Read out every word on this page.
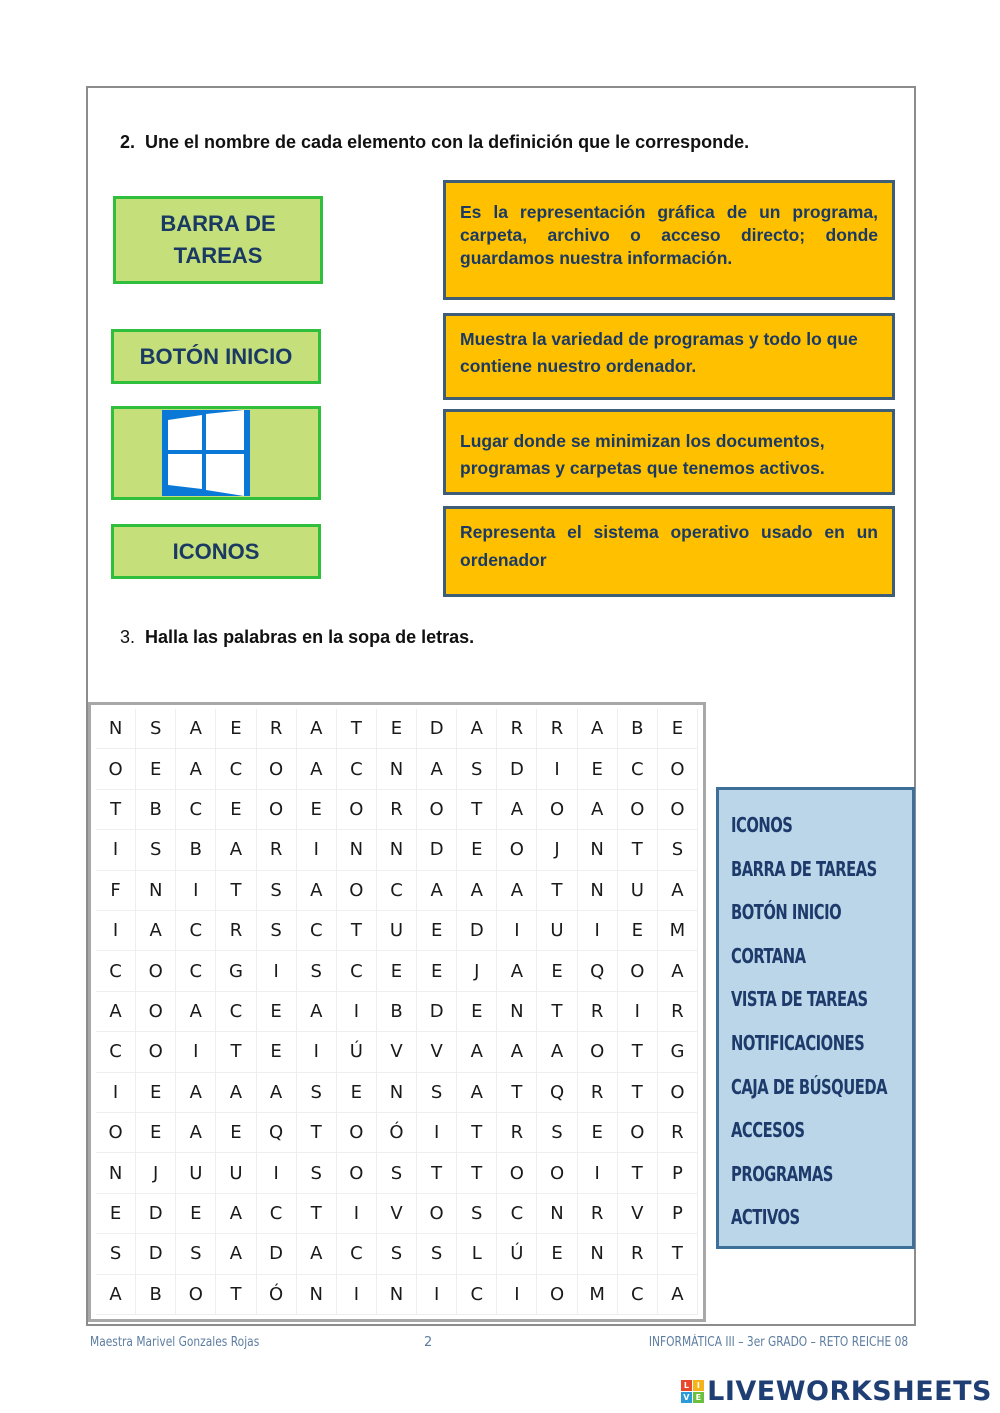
2. Une el nombre de cada elemento con la definición que le corresponde.
BARRA DE
TAREAS
BOTÓN INICIO
ICONOS
Es la representación gráfica de un programa, carpeta, archivo o acceso directo; donde guardamos nuestra información.
Muestra la variedad de programas y todo lo que contiene nuestro ordenador.
Lugar donde se minimizan los documentos, programas y carpetas que tenemos activos.
Representa el sistema operativo usado en un ordenador
3. Halla las palabras en la sopa de letras.
N	S	A	E	R	A	T	E	D	A	R	R	A	B	E
O	E	A	C	O	A	C	N	A	S	D	I	E	C	O
T	B	C	E	O	E	O	R	O	T	A	O	A	O	O
I	S	B	A	R	I	N	N	D	E	O	J	N	T	S
F	N	I	T	S	A	O	C	A	A	A	T	N	U	A
I	A	C	R	S	C	T	U	E	D	I	U	I	E	M
C	O	C	G	I	S	C	E	E	J	A	E	Q	O	A
A	O	A	C	E	A	I	B	D	E	N	T	R	I	R
C	O	I	T	E	I	Ú	V	V	A	A	A	O	T	G
I	E	A	A	A	S	E	N	S	A	T	Q	R	T	O
O	E	A	E	Q	T	O	Ó	I	T	R	S	E	O	R
N	J	U	U	I	S	O	S	T	T	O	O	I	T	P
E	D	E	A	C	T	I	V	O	S	C	N	R	V	P
S	D	S	A	D	A	C	S	S	L	Ú	E	N	R	T
A	B	O	T	Ó	N	I	N	I	C	I	O	M	C	A
ICONOS
BARRA DE TAREAS
BOTÓN INICIO
CORTANA
VISTA DE TAREAS
NOTIFICACIONES
CAJA DE BÚSQUEDA
ACCESOS
PROGRAMAS
ACTIVOS
Maestra Marivel Gonzales Rojas	2	INFORMÁTICA III – 3er GRADO – RETO REICHE 08
L I
V E LIVEWORKSHEETS
